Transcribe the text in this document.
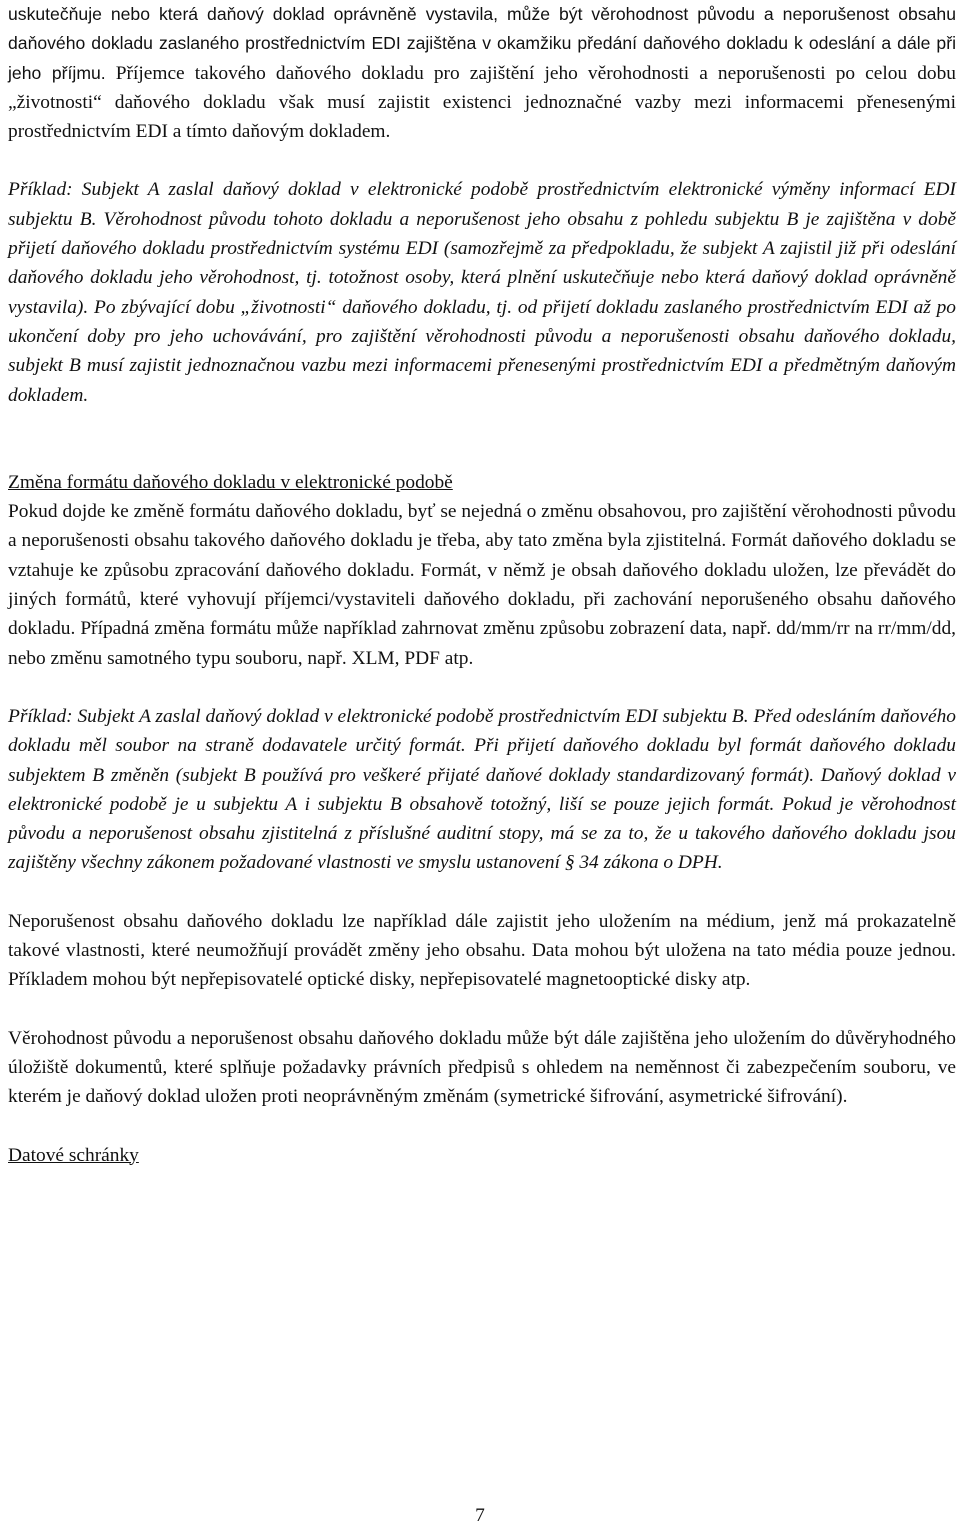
uskutečňuje nebo která daňový doklad oprávněně vystavila, může být věrohodnost původu a neporušenost obsahu daňového dokladu zaslaného prostřednictvím EDI zajištěna v okamžiku předání daňového dokladu k odeslání a dále při jeho příjmu. Příjemce takového daňového dokladu pro zajištění jeho věrohodnosti a neporušenosti po celou dobu „životnosti“ daňového dokladu však musí zajistit existenci jednoznačné vazby mezi informacemi přenesenými prostřednictvím EDI a tímto daňovým dokladem.

Příklad: Subjekt A zaslal daňový doklad v elektronické podobě prostřednictvím elektronické výměny informací EDI subjektu B. Věrohodnost původu tohoto dokladu a neporušenost jeho obsahu z pohledu subjektu B je zajištěna v době přijetí daňového dokladu prostřednictvím systému EDI (samozřejmě za předpokladu, že subjekt A zajistil již při odeslání daňového dokladu jeho věrohodnost, tj. totožnost osoby, která plnění uskutečňuje nebo která daňový doklad oprávněně vystavila). Po zbývající dobu „životnosti“ daňového dokladu, tj. od přijetí dokladu zaslaného prostřednictvím EDI až po ukončení doby pro jeho uchovávání, pro zajištění věrohodnosti původu a neporušenosti obsahu daňového dokladu, subjekt B musí zajistit jednoznačnou vazbu mezi informacemi přenesenými prostřednictvím EDI a předmětným daňovým dokladem.

Změna formátu daňového dokladu v elektronické podobě

Pokud dojde ke změně formátu daňového dokladu, byť se nejedná o změnu obsahovou, pro zajištění věrohodnosti původu a neporušenosti obsahu takového daňového dokladu je třeba, aby tato změna byla zjistitelná. Formát daňového dokladu se vztahuje ke způsobu zpracování daňového dokladu. Formát, v němž je obsah daňového dokladu uložen, lze převádět do jiných formátů, které vyhovují příjemci/vystaviteli daňového dokladu, při zachování neporušeného obsahu daňového dokladu. Případná změna formátu může například zahrnovat změnu způsobu zobrazení data, např. dd/mm/rr na rr/mm/dd, nebo změnu samotného typu souboru, např. XLM, PDF atp.

Příklad: Subjekt A zaslal daňový doklad v elektronické podobě prostřednictvím EDI subjektu B. Před odesláním daňového dokladu měl soubor na straně dodavatele určitý formát. Při přijetí daňového dokladu byl formát daňového dokladu subjektem B změněn (subjekt B používá pro veškeré přijaté daňové doklady standardizovaný formát). Daňový doklad v elektronické podobě je u subjektu A i subjektu B obsahově totožný, liší se pouze jejich formát. Pokud je věrohodnost původu a neporušenost obsahu zjistitelná z příslušné auditní stopy, má se za to, že u takového daňového dokladu jsou zajištěny všechny zákonem požadované vlastnosti ve smyslu ustanovení § 34 zákona o DPH.

Neporušenost obsahu daňového dokladu lze například dále zajistit jeho uložením na médium, jenž má prokazatelně takové vlastnosti, které neumožňují provádět změny jeho obsahu. Data mohou být uložena na tato média pouze jednou. Příkladem mohou být nepřepisovatelé optické disky, nepřepisovatelé magnetooptické disky atp.

Věrohodnost původu a neporušenost obsahu daňového dokladu může být dále zajištěna jeho uložením do důvěryhodného úložiště dokumentů, které splňuje požadavky právních předpisů s ohledem na neměnnost či zabezpečením souboru, ve kterém je daňový doklad uložen proti neoprávněným změnám (symetrické šifrování, asymetrické šifrování).

Datové schránky
7
